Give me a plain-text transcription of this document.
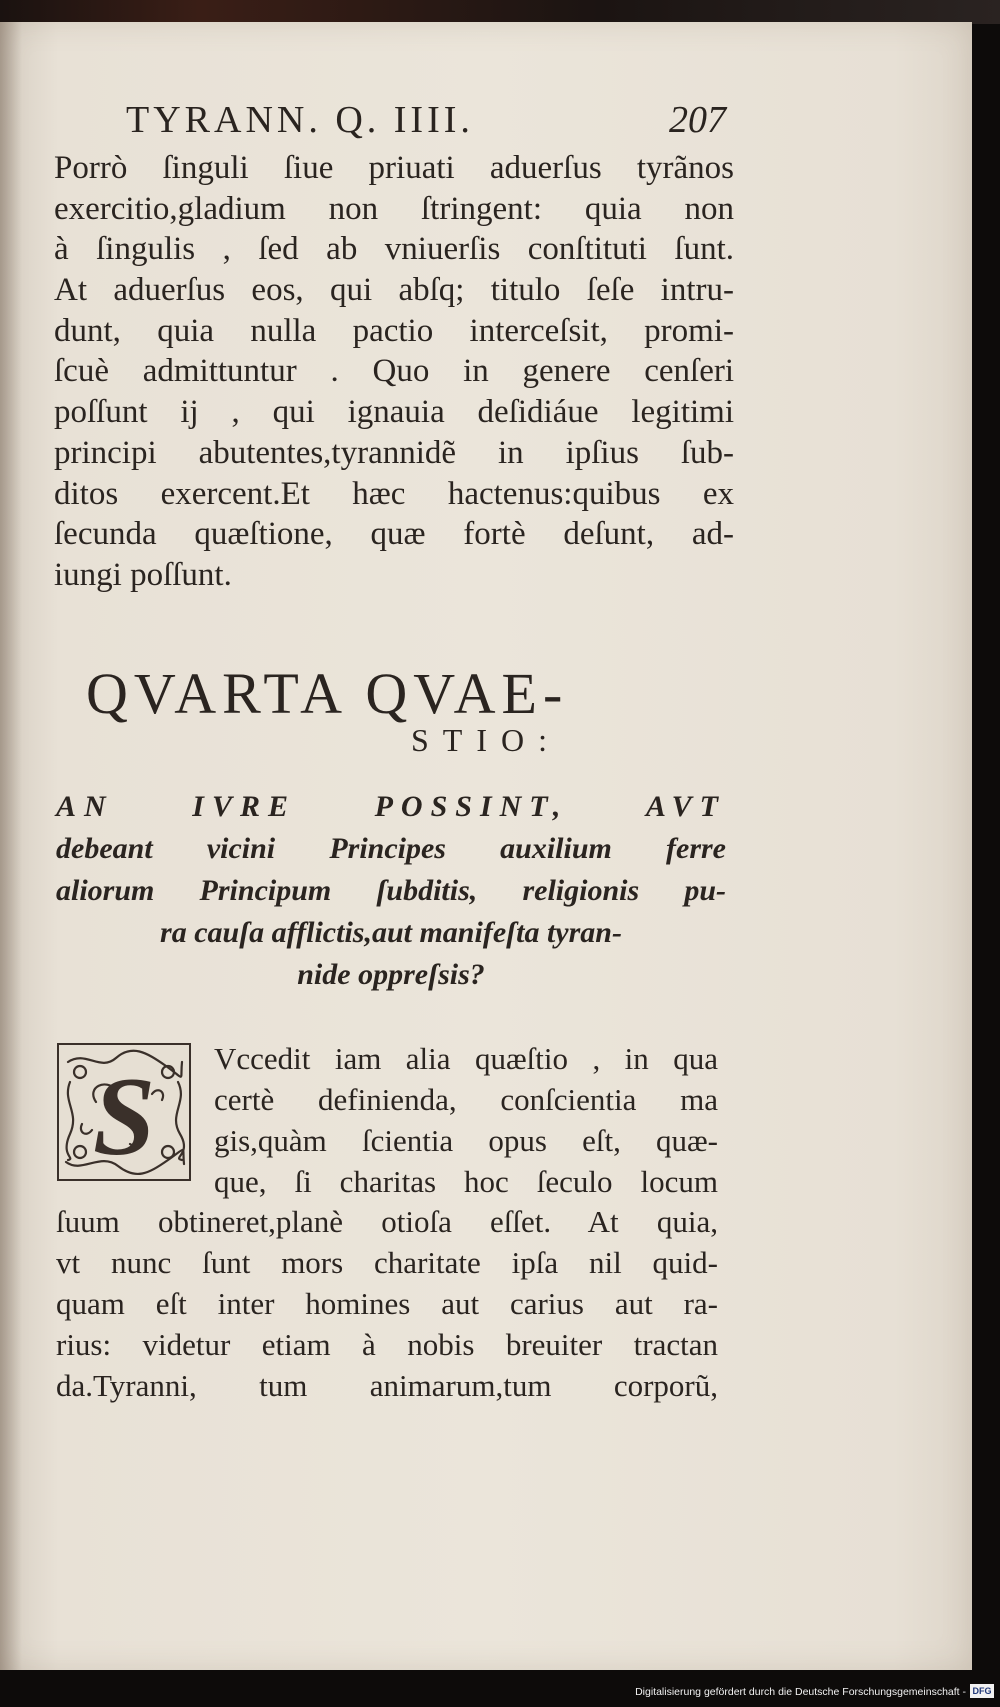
TYRANN. Q. IIII.	207
Porrò ſinguli ſiue priuati aduerſus tyrãnos
exercitio,gladium non ſtringent: quia non
à ſingulis , ſed ab vniuerſis conſtituti ſunt.
At aduerſus eos, qui abſq; titulo ſeſe intru-
dunt, quia nulla pactio interceſsit, promi-
ſcuè admittuntur . Quo in genere cenſeri
poſſunt ij , qui ignauia deſidiáue legitimi
principi abutentes,tyrannidẽ in ipſius ſub-
ditos exercent.Et hæc hactenus:quibus ex
ſecunda quæſtione, quæ fortè deſunt, ad-
iungi poſſunt.
QVARTA QVAE-
STIO:
AN IVRE POSSINT, AVT
debeant vicini Principes auxilium ferre
aliorum Principum ſubditis, religionis pu-
ra cauſa afflictis,aut manifeſta tyran-
nide oppreſsis?
S Vccedit iam alia quæſtio , in qua
certè definienda, conſcientia ma
gis,quàm ſcientia opus eſt, quæ-
que, ſi charitas hoc ſeculo locum
ſuum obtineret,planè otioſa eſſet. At quia,
vt nunc ſunt mors charitate ipſa nil quid-
quam eſt inter homines aut carius aut ra-
rius: videtur etiam à nobis breuiter tractan
da.Tyranni, tum animarum,tum corporũ,
Digitalisierung gefördert durch die Deutsche Forschungsgemeinschaft - DFG
